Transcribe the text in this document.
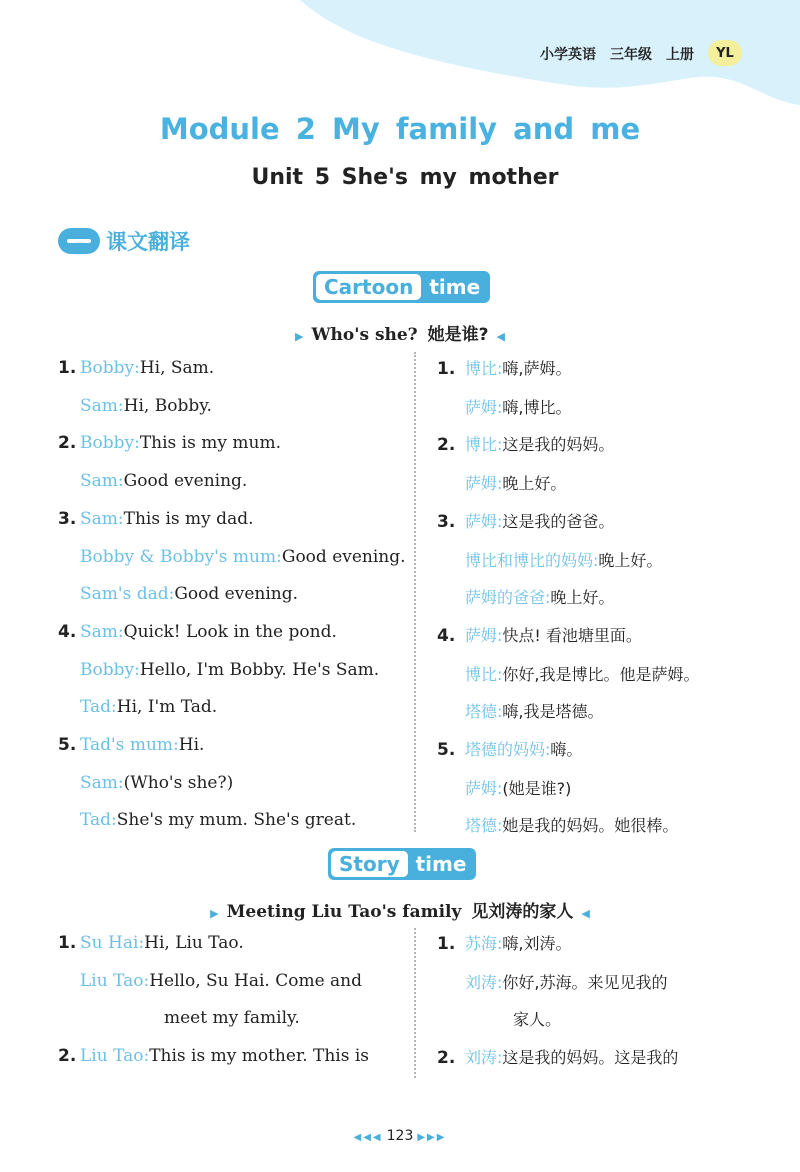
小学英语 三年级 上册	YL
Module 2 My family and me
Unit 5 She's my mother
课文翻译
Cartoon time
▶ Who's she? 她是谁? ◀
1. Bobby:Hi, Sam.
Sam:Hi, Bobby.
2. Bobby:This is my mum.
Sam:Good evening.
3. Sam:This is my dad.
Bobby & Bobby's mum:Good evening.
Sam's dad:Good evening.
4. Sam:Quick! Look in the pond.
Bobby:Hello, I'm Bobby. He's Sam.
Tad:Hi, I'm Tad.
5. Tad's mum:Hi.
Sam:(Who's she?)
Tad:She's my mum. She's great.
1. 博比:嗨,萨姆。
萨姆:嗨,博比。
2. 博比:这是我的妈妈。
萨姆:晚上好。
3. 萨姆:这是我的爸爸。
博比和博比的妈妈:晚上好。
萨姆的爸爸:晚上好。
4. 萨姆:快点! 看池塘里面。
博比:你好,我是博比。他是萨姆。
塔德:嗨,我是塔德。
5. 塔德的妈妈:嗨。
萨姆:(她是谁?)
塔德:她是我的妈妈。她很棒。
Story time
▶ Meeting Liu Tao's family 见刘涛的家人 ◀
1. Su Hai:Hi, Liu Tao.
Liu Tao:Hello, Su Hai. Come and
meet my family.
2. Liu Tao:This is my mother. This is
1. 苏海:嗨,刘涛。
刘涛:你好,苏海。来见见我的
家人。
2. 刘涛:这是我的妈妈。这是我的
◀◀◀ 123 ▶▶▶
